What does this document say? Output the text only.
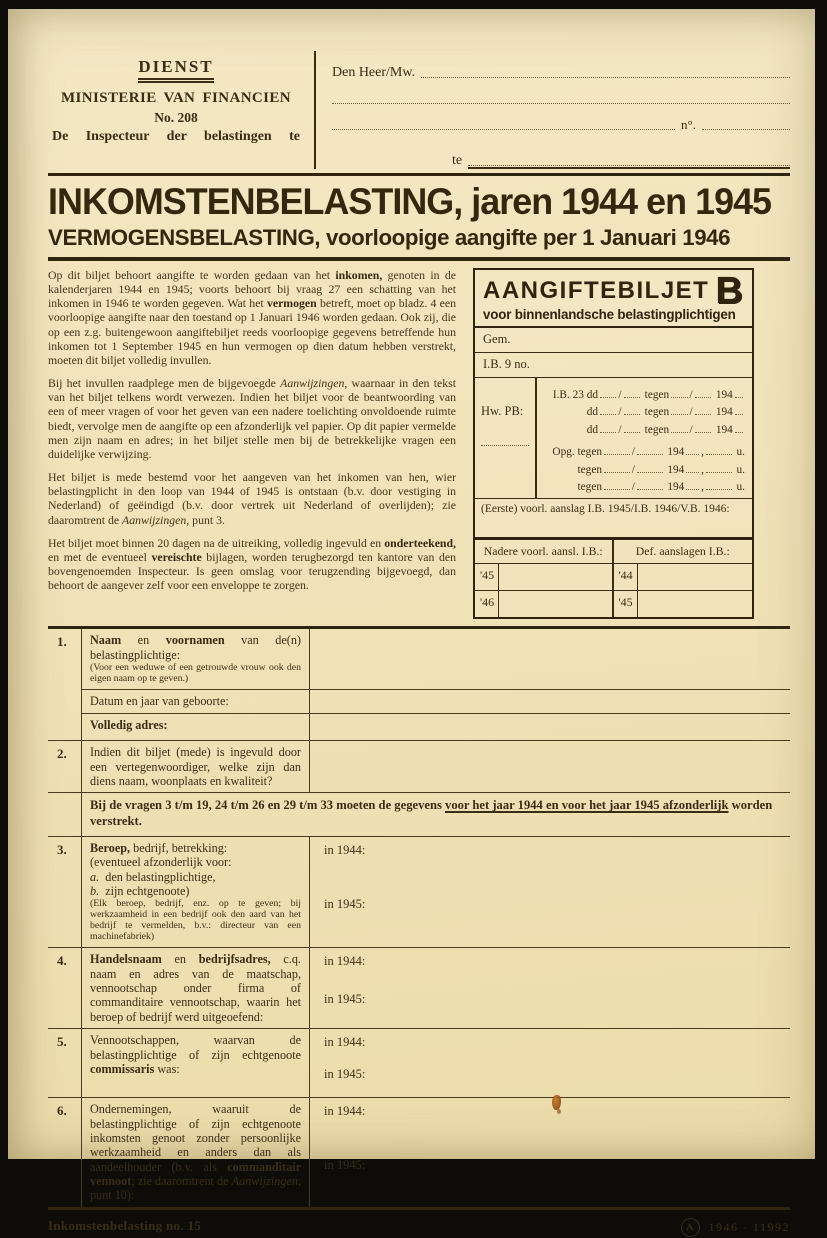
DIENST
MINISTERIE VAN FINANCIEN
No. 208
De Inspecteur der belastingen te
Den Heer/Mw.
n°.
te
INKOMSTENBELASTING, jaren 1944 en 1945
VERMOGENSBELASTING, voorloopige aangifte per 1 Januari 1946

Op dit biljet behoort aangifte te worden gedaan van het inkomen, genoten in de kalenderjaren 1944 en 1945; voorts behoort bij vraag 27 een schatting van het inkomen in 1946 te worden gegeven. Wat het vermogen betreft, moet op bladz. 4 een voorloopige aangifte naar den toestand op 1 Januari 1946 worden gedaan. Ook zij, die op een z.g. buitengewoon aangiftebiljet reeds voorloopige gegevens betreffende hun inkomen tot 1 September 1945 en hun vermogen op dien datum hebben verstrekt, moeten dit biljet volledig invullen.

Bij het invullen raadplege men de bijgevoegde Aanwijzingen, waarnaar in den tekst van het biljet telkens wordt verwezen. Indien het biljet voor de beantwoording van een of meer vragen of voor het geven van een nadere toelichting onvoldoende ruimte biedt, vervolge men de aangifte op een afzonderlijk vel papier. Op dit papier vermelde men zijn naam en adres; in het biljet stelle men bij de betrekkelijke vragen een duidelijke verwijzing.

Het biljet is mede bestemd voor het aangeven van het inkomen van hen, wier belastingplicht in den loop van 1944 of 1945 is ontstaan (b.v. door vestiging in Nederland) of geëindigd (b.v. door vertrek uit Nederland of overlijden); zie daaromtrent de Aanwijzingen, punt 3.

Het biljet moet binnen 20 dagen na de uitreiking, volledig ingevuld en onderteekend, en met de eventueel vereischte bijlagen, worden terugbezorgd ten kantore van den bovengenoemden Inspecteur. Is geen omslag voor terugzending bijgevoegd, dan behoort de aangever zelf voor een enveloppe te zorgen.

AANGIFTEBILJET B
voor binnenlandsche belastingplichtigen
Gem.
I.B. 9 no.
Hw. PB:
I.B. 23 dd / tegen / 194
dd / tegen / 194
dd / tegen / 194
Opg. tegen	/	194 ,	u.
tegen	/	194 ,	u.
tegen	/	194 ,	u.
(Eerste) voorl. aanslag I.B. 1945/I.B. 1946/V.B. 1946:
Nadere voorl. aansl. I.B.:
'45
'46
Def. aanslagen I.B.:
'44
'45
1.	Naam en voornamen van de(n) belastingplichtige:
(Voor een weduwe of een getrouwde vrouw ook den eigen naam op te geven.)
Datum en jaar van geboorte:
Volledig adres:
2.	Indien dit biljet (mede) is ingevuld door een vertegenwoordiger, welke zijn dan diens naam, woonplaats en kwaliteit?
Bij de vragen 3 t/m 19, 24 t/m 26 en 29 t/m 33 moeten de gegevens voor het jaar 1944 en voor het jaar 1945 afzonderlijk worden verstrekt.
3.	Beroep, bedrijf, betrekking:
(eventueel afzonderlijk voor:
a.  den belastingplichtige,
b.  zijn echtgenoote)
(Elk beroep, bedrijf, enz. op te geven; bij werkzaamheid in een bedrijf ook den aard van het bedrijf te vermelden, b.v.: directeur van een machinefabriek)
in 1944:
in 1945:
4.	Handelsnaam en bedrijfsadres, c.q. naam en adres van de maatschap, vennootschap onder firma of commanditaire vennootschap, waarin het beroep of bedrijf werd uitgeoefend:
in 1944:
in 1945:
5.	Vennootschappen, waarvan de belastingplichtige of zijn echtgenoote commissaris was:
in 1944:
in 1945:
6.	Ondernemingen, waaruit de belastingplichtige of zijn echtgenoote inkomsten genoot zonder persoonlijke werkzaamheid en anders dan als aandeelhouder (b.v. als commanditair vennoot; zie daaromtrent de Aanwijzingen, punt 10):
in 1944:
in 1945:
Inkomstenbelasting no. 15	A	1946 - 11992
